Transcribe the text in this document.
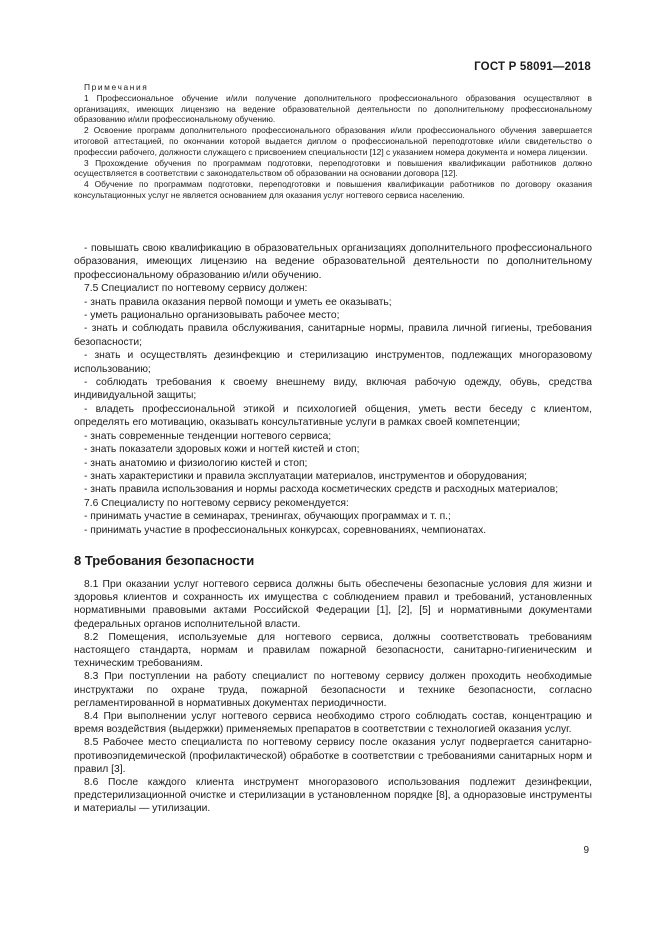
ГОСТ Р 58091—2018

Примечания

1 Профессиональное обучение и/или получение дополнительного профессионального образования осуществляют в организациях, имеющих лицензию на ведение образовательной деятельности по дополнительному профессиональному образованию и/или профессиональному обучению.

2 Освоение программ дополнительного профессионального образования и/или профессионального обучения завершается итоговой аттестацией, по окончании которой выдается диплом о профессиональной переподготовке и/или свидетельство о профессии рабочего, должности служащего с присвоением специальности [12] с указанием номера документа и номера лицензии.

3 Прохождение обучения по программам подготовки, переподготовки и повышения квалификации работников должно осуществляется в соответствии с законодательством об образовании на основании договора [12].

4 Обучение по программам подготовки, переподготовки и повышения квалификации работников по договору оказания консультационных услуг не является основанием для оказания услуг ногтевого сервиса населению.

- повышать свою квалификацию в образовательных организациях дополнительного профессионального образования, имеющих лицензию на ведение образовательной деятельности по дополнительному профессиональному образованию и/или обучению.

7.5 Специалист по ногтевому сервису должен:

- знать правила оказания первой помощи и уметь ее оказывать;

- уметь рационально организовывать рабочее место;

- знать и соблюдать правила обслуживания, санитарные нормы, правила личной гигиены, требования безопасности;

- знать и осуществлять дезинфекцию и стерилизацию инструментов, подлежащих многоразовому использованию;

- соблюдать требования к своему внешнему виду, включая рабочую одежду, обувь, средства индивидуальной защиты;

- владеть профессиональной этикой и психологией общения, уметь вести беседу с клиентом, определять его мотивацию, оказывать консультативные услуги в рамках своей компетенции;

- знать современные тенденции ногтевого сервиса;

- знать показатели здоровых кожи и ногтей кистей и стоп;

- знать анатомию и физиологию кистей и стоп;

- знать характеристики и правила эксплуатации материалов, инструментов и оборудования;

- знать правила использования и нормы расхода косметических средств и расходных материалов;

7.6 Специалисту по ногтевому сервису рекомендуется:

- принимать участие в семинарах, тренингах, обучающих программах и т. п.;

- принимать участие в профессиональных конкурсах, соревнованиях, чемпионатах.

8 Требования безопасности

8.1 При оказании услуг ногтевого сервиса должны быть обеспечены безопасные условия для жизни и здоровья клиентов и сохранность их имущества с соблюдением правил и требований, установленных нормативными правовыми актами Российской Федерации [1], [2], [5] и нормативными документами федеральных органов исполнительной власти.

8.2 Помещения, используемые для ногтевого сервиса, должны соответствовать требованиям настоящего стандарта, нормам и правилам пожарной безопасности, санитарно-гигиеническим и техническим требованиям.

8.3 При поступлении на работу специалист по ногтевому сервису должен проходить необходимые инструктажи по охране труда, пожарной безопасности и технике безопасности, согласно регламентированной в нормативных документах периодичности.

8.4 При выполнении услуг ногтевого сервиса необходимо строго соблюдать состав, концентрацию и время воздействия (выдержки) применяемых препаратов в соответствии с технологией оказания услуг.

8.5 Рабочее место специалиста по ногтевому сервису после оказания услуг подвергается санитарно-противоэпидемической (профилактической) обработке в соответствии с требованиями санитарных норм и правил [3].

8.6 После каждого клиента инструмент многоразового использования подлежит дезинфекции, предстерилизационной очистке и стерилизации в установленном порядке [8], а одноразовые инструменты и материалы — утилизации.

9
